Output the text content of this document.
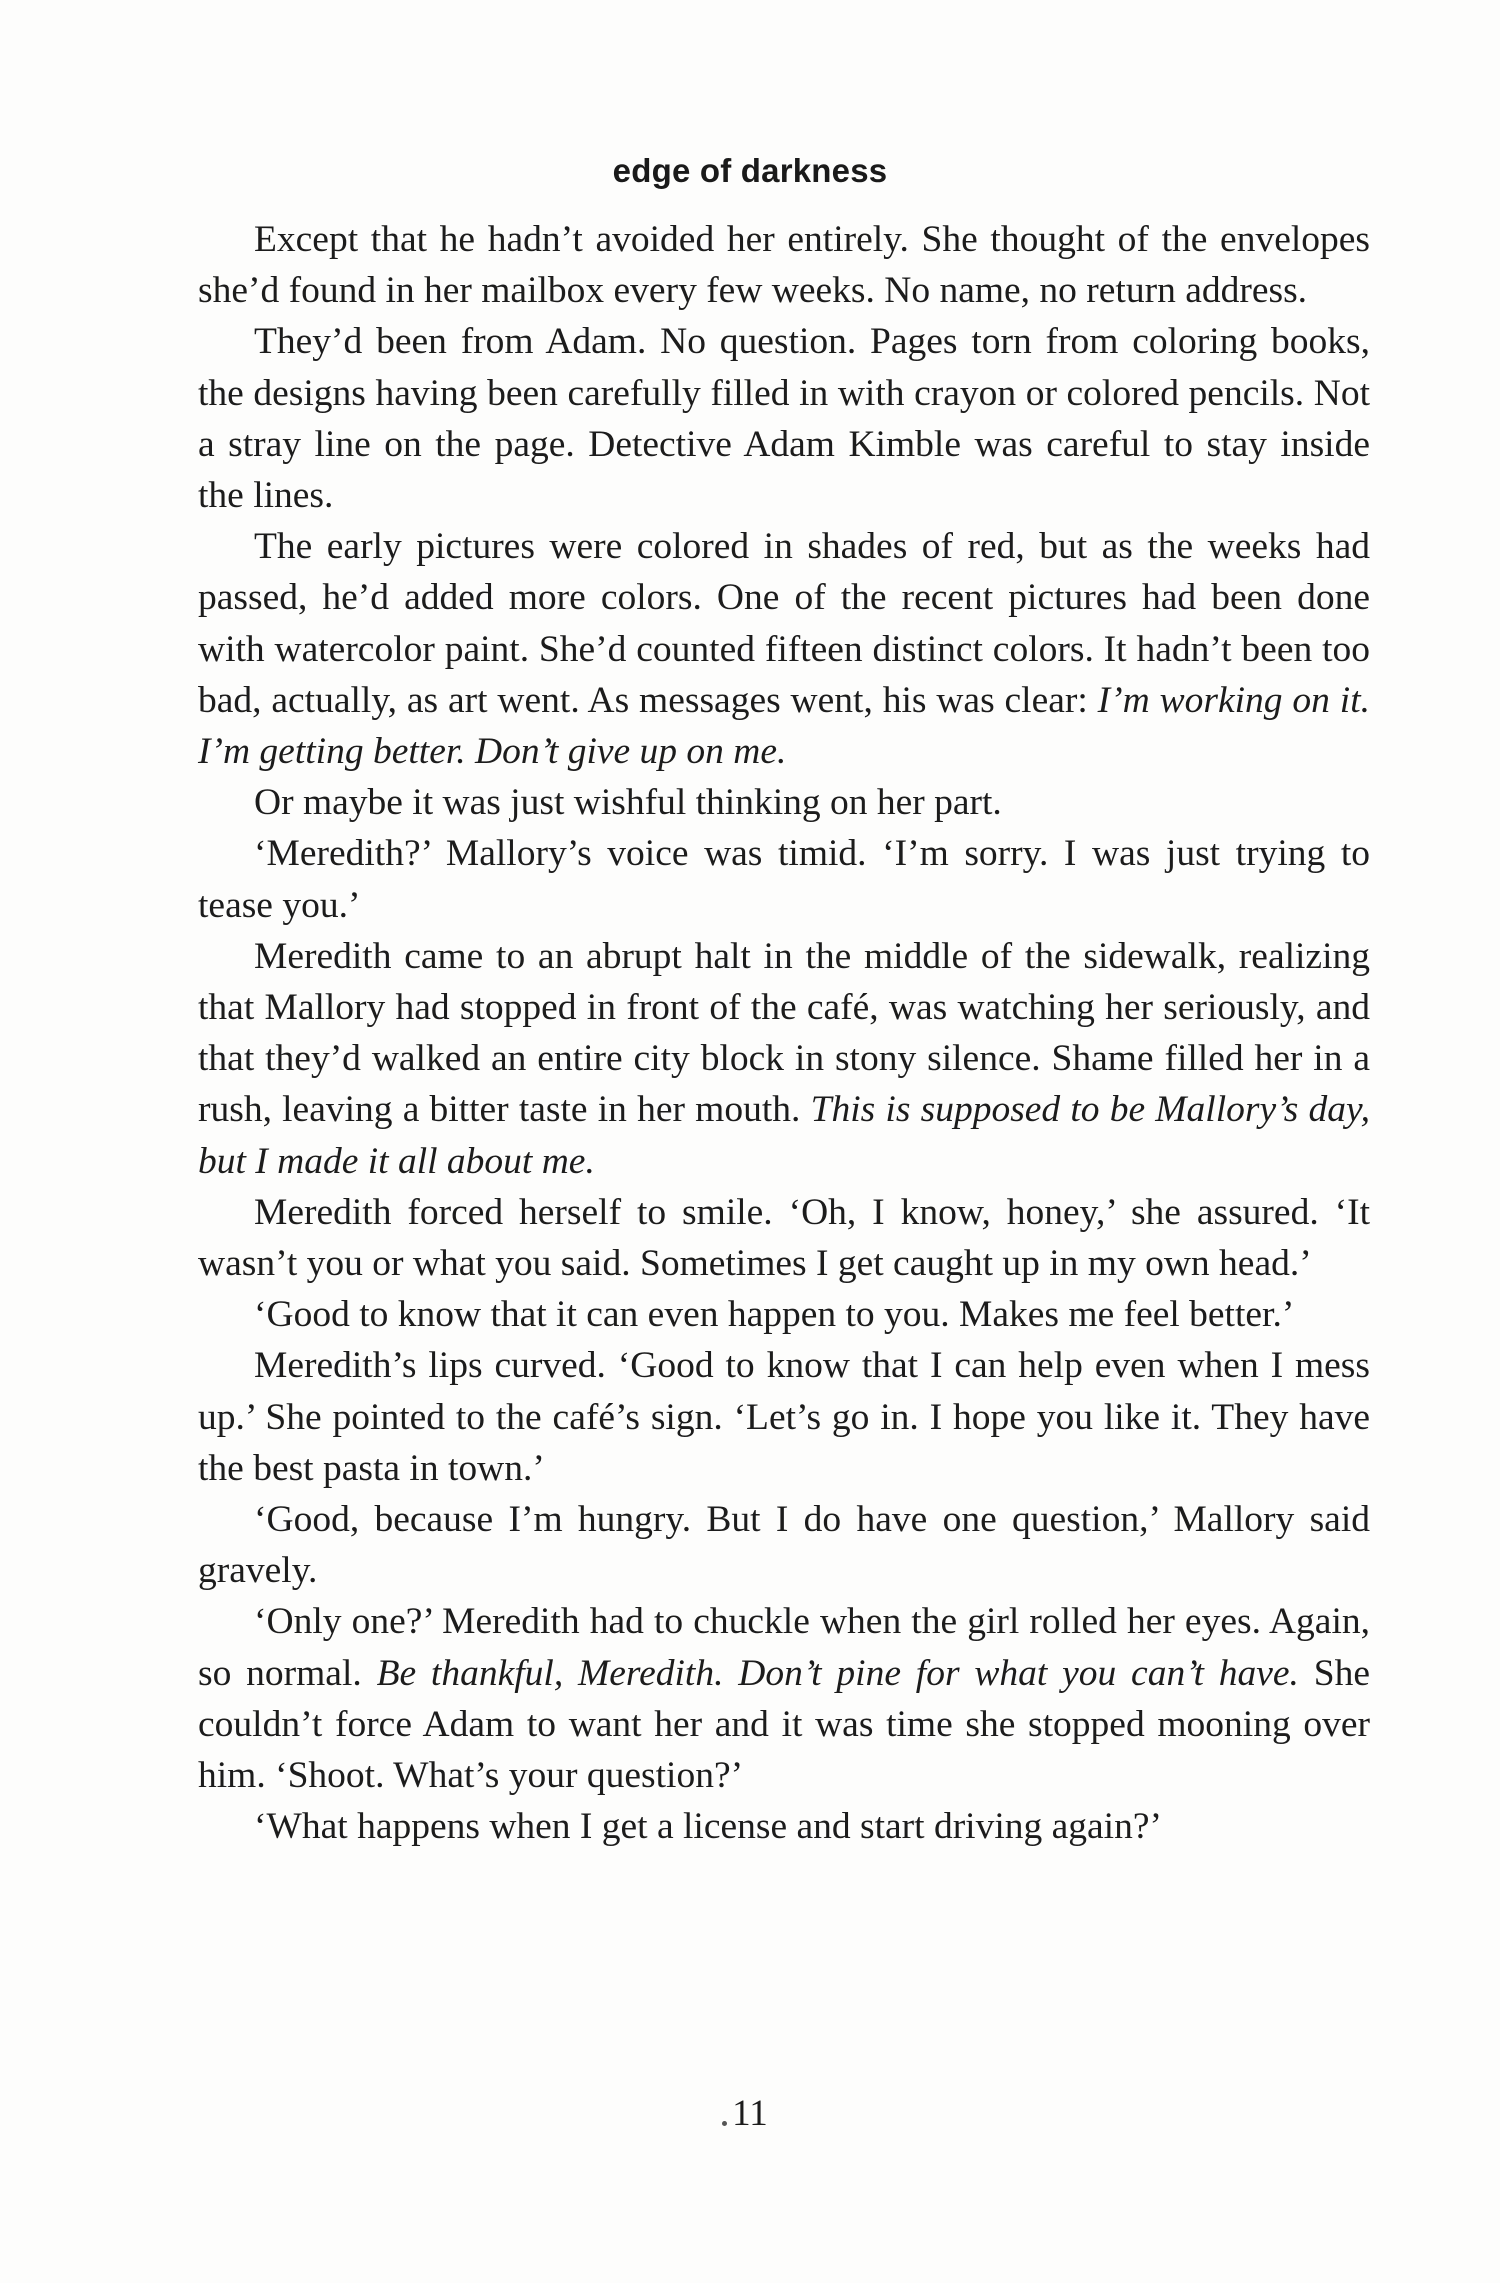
edge of darkness

Except that he hadn’t avoided her entirely. She thought of the envelopes she’d found in her mailbox every few weeks. No name, no return address.

They’d been from Adam. No question. Pages torn from coloring books, the designs having been carefully filled in with crayon or colored pencils. Not a stray line on the page. Detective Adam Kimble was careful to stay inside the lines.

The early pictures were colored in shades of red, but as the weeks had passed, he’d added more colors. One of the recent pictures had been done with watercolor paint. She’d counted fifteen distinct colors. It hadn’t been too bad, actually, as art went. As messages went, his was clear: I’m working on it. I’m getting better. Don’t give up on me.

Or maybe it was just wishful thinking on her part.

‘Meredith?’ Mallory’s voice was timid. ‘I’m sorry. I was just trying to tease you.’

Meredith came to an abrupt halt in the middle of the sidewalk, realizing that Mallory had stopped in front of the café, was watching her seriously, and that they’d walked an entire city block in stony silence. Shame filled her in a rush, leaving a bitter taste in her mouth. This is supposed to be Mallory’s day, but I made it all about me.

Meredith forced herself to smile. ‘Oh, I know, honey,’ she assured. ‘It wasn’t you or what you said. Sometimes I get caught up in my own head.’

‘Good to know that it can even happen to you. Makes me feel better.’

Meredith’s lips curved. ‘Good to know that I can help even when I mess up.’ She pointed to the café’s sign. ‘Let’s go in. I hope you like it. They have the best pasta in town.’

‘Good, because I’m hungry. But I do have one question,’ Mallory said gravely.

‘Only one?’ Meredith had to chuckle when the girl rolled her eyes. Again, so normal. Be thankful, Meredith. Don’t pine for what you can’t have. She couldn’t force Adam to want her and it was time she stopped mooning over him. ‘Shoot. What’s your question?’

‘What happens when I get a license and start driving again?’

11
